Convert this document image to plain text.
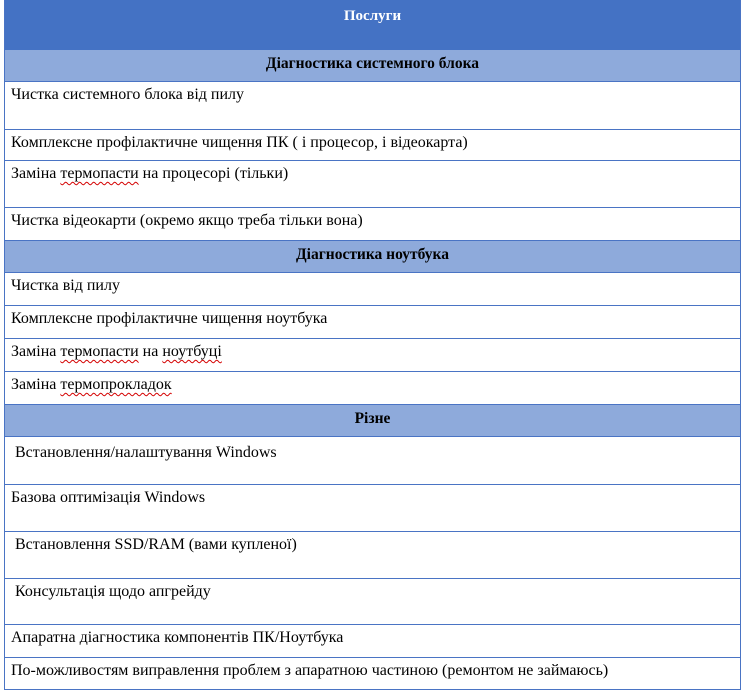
Послуги
Діагностика системного блока
Чистка системного блока від пилу
Комплексне профілактичне чищення ПК ( і процесор, і відеокарта)
Заміна термопасти на процесорі (тільки)
Чистка відеокарти (окремо якщо треба тільки вона)
Діагностика ноутбука
Чистка від пилу
Комплексне профілактичне чищення ноутбука
Заміна термопасти на ноутбуці
Заміна термопрокладок
Різне
Встановлення/налаштування Windows
Базова оптимізація Windows
Встановлення SSD/RAM (вами купленої)
Консультація щодо апгрейду
Апаратна діагностика компонентів ПК/Ноутбука
По-можливостям виправлення проблем з апаратною частиною (ремонтом не займаюсь)
